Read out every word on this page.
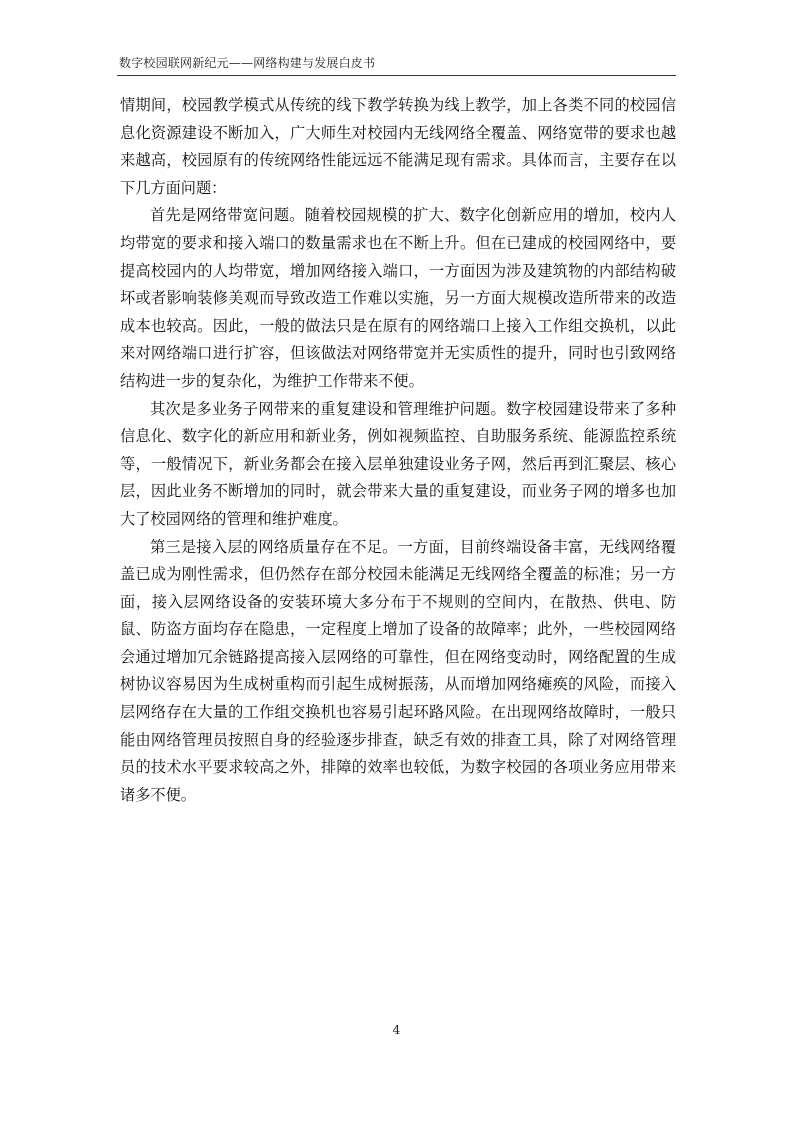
数字校园联网新纪元——网络构建与发展白皮书

情期间，校园教学模式从传统的线下教学转换为线上教学，加上各类不同的校园信息化资源建设不断加入，广大师生对校园内无线网络全覆盖、网络宽带的要求也越来越高，校园原有的传统网络性能远远不能满足现有需求。具体而言，主要存在以下几方面问题：

首先是网络带宽问题。随着校园规模的扩大、数字化创新应用的增加，校内人均带宽的要求和接入端口的数量需求也在不断上升。但在已建成的校园网络中，要提高校园内的人均带宽，增加网络接入端口，一方面因为涉及建筑物的内部结构破坏或者影响装修美观而导致改造工作难以实施，另一方面大规模改造所带来的改造成本也较高。因此，一般的做法只是在原有的网络端口上接入工作组交换机，以此来对网络端口进行扩容，但该做法对网络带宽并无实质性的提升，同时也引致网络结构进一步的复杂化，为维护工作带来不便。

其次是多业务子网带来的重复建设和管理维护问题。数字校园建设带来了多种信息化、数字化的新应用和新业务，例如视频监控、自助服务系统、能源监控系统等，一般情况下，新业务都会在接入层单独建设业务子网，然后再到汇聚层、核心层，因此业务不断增加的同时，就会带来大量的重复建设，而业务子网的增多也加大了校园网络的管理和维护难度。

第三是接入层的网络质量存在不足。一方面，目前终端设备丰富，无线网络覆盖已成为刚性需求，但仍然存在部分校园未能满足无线网络全覆盖的标准；另一方面，接入层网络设备的安装环境大多分布于不规则的空间内，在散热、供电、防鼠、防盗方面均存在隐患，一定程度上增加了设备的故障率；此外，一些校园网络会通过增加冗余链路提高接入层网络的可靠性，但在网络变动时，网络配置的生成树协议容易因为生成树重构而引起生成树振荡，从而增加网络瘫痪的风险，而接入层网络存在大量的工作组交换机也容易引起环路风险。在出现网络故障时，一般只能由网络管理员按照自身的经验逐步排查，缺乏有效的排查工具，除了对网络管理员的技术水平要求较高之外，排障的效率也较低，为数字校园的各项业务应用带来诸多不便。

4
